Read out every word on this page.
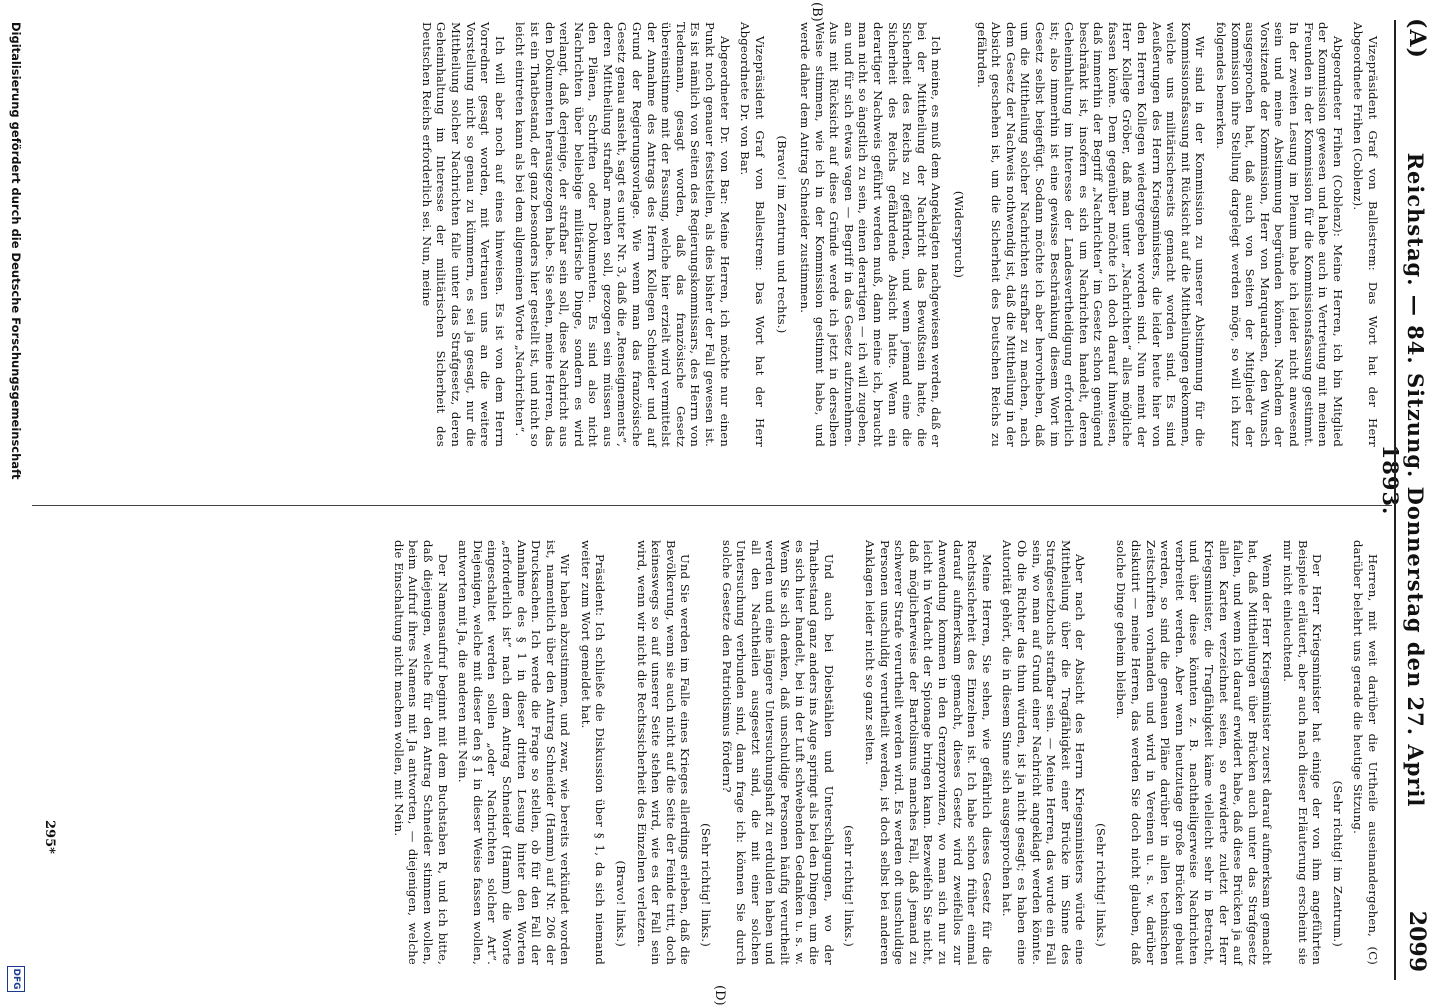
(A)
Reichstag. — 84. Sitzung. Donnerstag den 27. April 1893.
2099

Vizepräsident Graf von Ballestrem: Das Wort hat der Herr Abgeordnete Frihen (Coblenz).

Abgeordneter Frihen (Coblenz): Meine Herren, ich bin Mitglied der Kommission gewesen und habe auch in Vertretung mit meinen Freunden in der Kommission für die Kommissionsfassung gestimmt. In der zweiten Lesung im Plenum habe ich leider nicht anwesend sein und meine Abstimmung begründen können. Nachdem der Vorsitzende der Kommission, Herr von Marquardsen, den Wunsch ausgesprochen hat, daß auch von Seiten der Mitglieder der Kommission ihre Stellung dargelegt werden möge, so will ich kurz folgendes bemerken.

Wir sind in der Kommission zu unserer Abstimmung für die Kommissionsfassung mit Rücksicht auf die Mittheilungen gekommen, welche uns militärischerseits gemacht worden sind. Es sind Aeußerungen des Herrn Kriegsministers, die leider heute hier von den Herren Kollegen wiedergegeben worden sind. Nun meint der Herr Kollege Gröber, daß man unter „Nachrichten“ alles mögliche fassen könne. Dem gegenüber möchte ich doch darauf hinweisen, daß immerhin der Begriff „Nachrichten“ im Gesetz schon genügend beschränkt ist, insofern es sich um Nachrichten handelt, deren Geheimhaltung im Interesse der Landesvertheidigung erforderlich ist; also immerhin ist eine gewisse Beschränkung diesem Wort im Gesetz selbst beigefügt. Sodann möchte ich aber hervorheben, daß um die Mittheilung solcher Nachrichten strafbar zu machen, nach dem Gesetz der Nachweis nothwendig ist, daß die Mittheilung in der Absicht geschehen ist, um die Sicherheit des Deutschen Reichs zu gefährden.

(Widerspruch)

Ich meine, es muß dem Angeklagten nachgewiesen werden, daß er bei der Mittheilung der Nachricht das Bewußtsein hatte, die Sicherheit des Reichs zu gefährden, und wenn jemand eine die Sicherheit des Reichs gefährdende Absicht hatte. Wenn ein derartiger Nachweis geführt werden muß, dann meine ich, braucht man nicht so ängstlich zu sein, einen derartigen — ich will zugeben, an und für sich etwas vagen — Begriff in das Gesetz aufzunehmen. Aus mit Rücksicht auf diese Gründe werde ich jetzt in derselben Weise stimmen, wie ich in der Kommission gestimmt habe, und werde daher dem Antrag Schneider zustimmen.

(Bravo! im Zentrum und rechts.)

Vizepräsident Graf von Ballestrem: Das Wort hat der Herr Abgeordnete Dr. von Bar.

Abgeordneter Dr. von Bar: Meine Herren, ich möchte nur einen Punkt noch genauer feststellen, als dies bisher der Fall gewesen ist. Es ist nämlich von Seiten des Regierungskommissars, des Herrn von Tiedemann, gesagt worden, daß das französische Gesetz übereinstimme mit der Fassung, welche hier erzielt wird vermittelst der Annahme des Antrags des Herrn Kollegen Schneider und auf Grund der Regierungsvorlage. Wie wenn man das französische Gesetz genau ansieht, sagt es unter Nr. 3, daß die „Renseignements“, deren Mittheilung strafbar machen soll, gezogen sein müssen aus den Plänen, Schriften oder Dokumenten. Es sind also nicht Nachrichten über beliebige militärische Dinge, sondern es wird verlangt, daß derjenige, der strafbar sein soll, diese Nachricht aus den Dokumenten herausgezogen habe. Sie sehen, meine Herren, das ist ein Thatbestand, der ganz besonders hier gestellt ist, und nicht so leicht eintreten kann als bei dem allgemeinen Worte „Nachrichten“.

Ich will aber noch auf eines hinweisen. Es ist von dem Herrn Vorredner gesagt worden, mit Vertrauen uns an die weitere Vorstellung nicht so genau zu kümmern, es sei ja gesagt, nur die Mittheilung solcher Nachrichten falle unter das Strafgesetz, deren Geheimhaltung im Interesse der militärischen Sicherheit des Deutschen Reichs erforderlich sei. Nun, meine

(B)

Herren, mit weit darüber die Urtheile auseinandergehen, (C) darüber belehrt uns gerade die heutige Sitzung.

(Sehr richtig! im Zentrum.)

Der Herr Kriegsminister hat einige der von ihm angeführten Beispiele erläutert, aber auch nach dieser Erläuterung erscheint sie mir nicht einleuchtend.

Wenn der Herr Kriegsminister zuerst darauf aufmerksam gemacht hat, daß Mittheilungen über Brücken auch unter das Strafgesetz fallen, und wenn ich darauf erwidert habe, daß diese Brücken ja auf allen Karten verzeichnet seien, so erwiderte zuletzt der Herr Kriegsminister, die Tragfähigkeit käme vielleicht sehr in Betracht, und über diese könnten z. B. nachtheiligerweise Nachrichten verbreitet werden. Aber wenn heutzutage große Brücken gebaut werden, so sind die genauen Pläne darüber in allen technischen Zeitschriften vorhanden und wird in Vereinen u. s. w. darüber diskutirt — meine Herren, das werden Sie doch nicht glauben, daß solche Dinge geheim bleiben.

(Sehr richtig! links.)

Aber nach der Absicht des Herrn Kriegsministers würde eine Mittheilung über die Tragfähigkeit einer Brücke im Sinne des Strafgesetzbuchs strafbar sein. — Meine Herren, das wurde ein Fall sein, wo man auf Grund einer Nachricht angeklagt werden könnte. Ob die Richter das thun würden, ist ja nicht gesagt; es haben eine Autorität gehört, die in diesem Sinne sich ausgesprochen hat.

Meine Herren, Sie sehen, wie gefährlich dieses Gesetz für die Rechtssicherheit des Einzelnen ist. Ich habe schon früher einmal darauf aufmerksam gemacht, dieses Gesetz wird zweifellos zur Anwendung kommen in den Grenzprovinzen, wo man sich nur zu leicht in Verdacht der Spionage bringen kann. Bezweifeln Sie nicht, daß möglicherweise der Bartolismus manches Fall, daß jemand zu schwerer Strafe verurtheilt werden wird. Es werden oft unschuldige Personen unschuldig verurtheilt werden, ist doch selbst bei anderen Anklagen leider nicht so ganz selten.

(sehr richtig! links.)

Und auch bei Diebstählen und Unterschlagungen, wo der Thatbestand ganz anders ins Auge springt als bei den Dingen, um die es sich hier handelt, bei in der Luft schwebenden Gedanken u. s. w. Wenn Sie sich denken, daß unschuldige Personen häufig verurtheilt werden und eine längere Untersuchungshaft zu erdulden haben und all den Nachtheilen ausgesetzt sind, die mit einer solchen Untersuchung verbunden sind, dann frage ich: können Sie durch solche Gesetze den Patriotismus fördern?

(Sehr richtig! links.)

Und Sie werden im Falle eines Krieges allerdings erleben, daß die Bevölkerung, wenn sie auch nicht auf die Seite der Feinde tritt, doch keineswegs so auf unserer Seite stehen wird, wie es der Fall sein wird, wenn wir nicht die Rechtssicherheit des Einzelnen verletzen.

(Bravo! links.)

Präsident: Ich schließe die Diskussion über § 1, da sich niemand weiter zum Wort gemeldet hat.

Wir haben abzustimmen, und zwar, wie bereits verkündet worden ist, namentlich über den Antrag Schneider (Hamm) auf Nr. 206 der Drucksachen. Ich werde die Frage so stellen, ob für den Fall der Annahme des § 1 in dieser dritten Lesung hinter den Worten „erforderlich ist“ nach dem Antrag Schneider (Hamm) die Worte eingeschaltet werden sollen „oder Nachrichten solcher Art“. Diejenigen, welche mit dieser den § 1 in dieser Weise fassen wollen, antworten mit Ja, die anderen mit Nein.

Der Namensaufruf beginnt mit dem Buchstaben R, und ich bitte, daß diejenigen, welche für den Antrag Schneider stimmen wollen, beim Aufruf ihres Namens mit Ja antworten, — diejenigen, welche die Einschaltung nicht machen wollen, mit Nein.

(D)
295*
Digitalisierung gefördert durch die Deutsche Forschungsgemeinschaft
DFG
